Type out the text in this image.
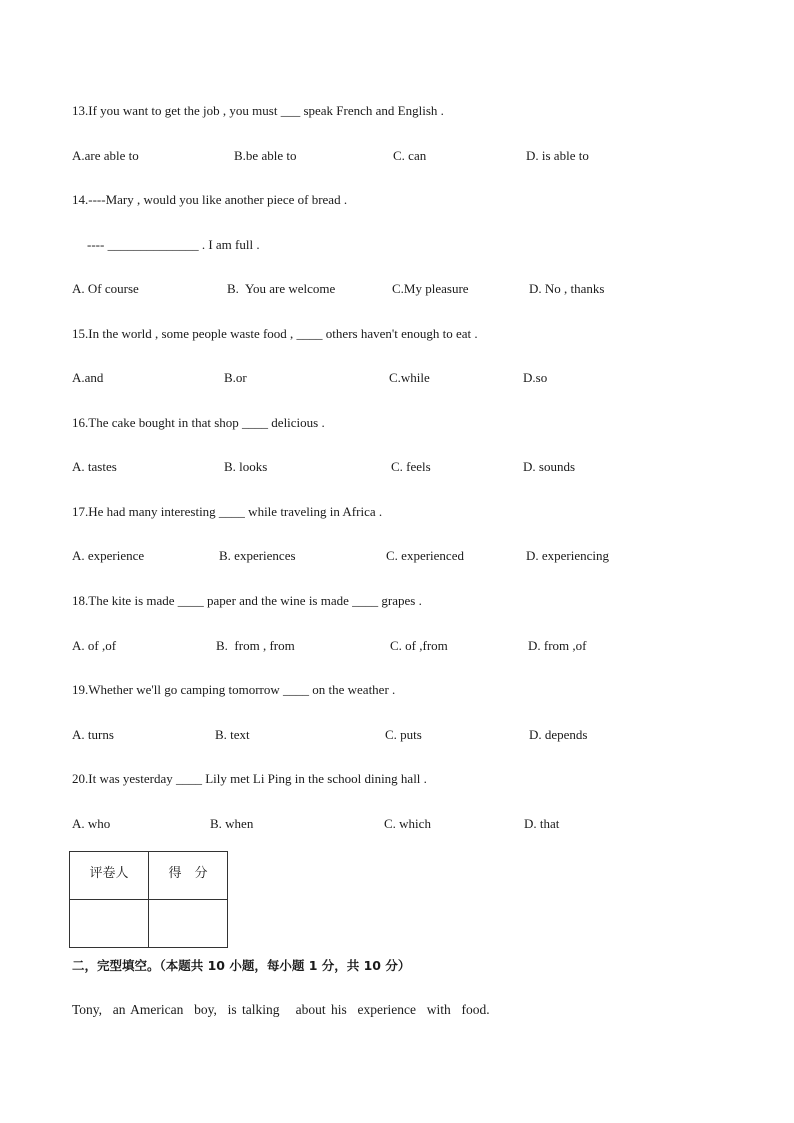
13.If you want to get the job , you must ___ speak French and English .
A.are able to	B.be able to	C. can	D. is able to
14.----Mary , would you like another piece of bread .
---- ______________ . I am full .
A. Of course	B.  You are welcome	C.My pleasure	D. No , thanks
15.In the world , some people waste food , ____ others haven't enough to eat .
A.and	B.or	C.while	D.so
16.The cake bought in that shop ____ delicious .
A. tastes	B. looks	C. feels	D. sounds
17.He had many interesting ____ while traveling in Africa .
A. experience	B. experiences	C. experienced	D. experiencing
18.The kite is made ____ paper and the wine is made ____ grapes .
A. of ,of	B.  from , from	C. of ,from	D. from ,of
19.Whether we'll go camping tomorrow ____ on the weather .
A. turns	B. text	C. puts	D. depends
20.It was yesterday ____ Lily met Li Ping in the school dining hall .
A. who	B. when	C. which	D. that
评卷人	得　分

二，完型填空。（本题共 10 小题，每小题 1 分，共 10 分）
Tony,  an American  boy,  is talking   about his  experience  with  food.
